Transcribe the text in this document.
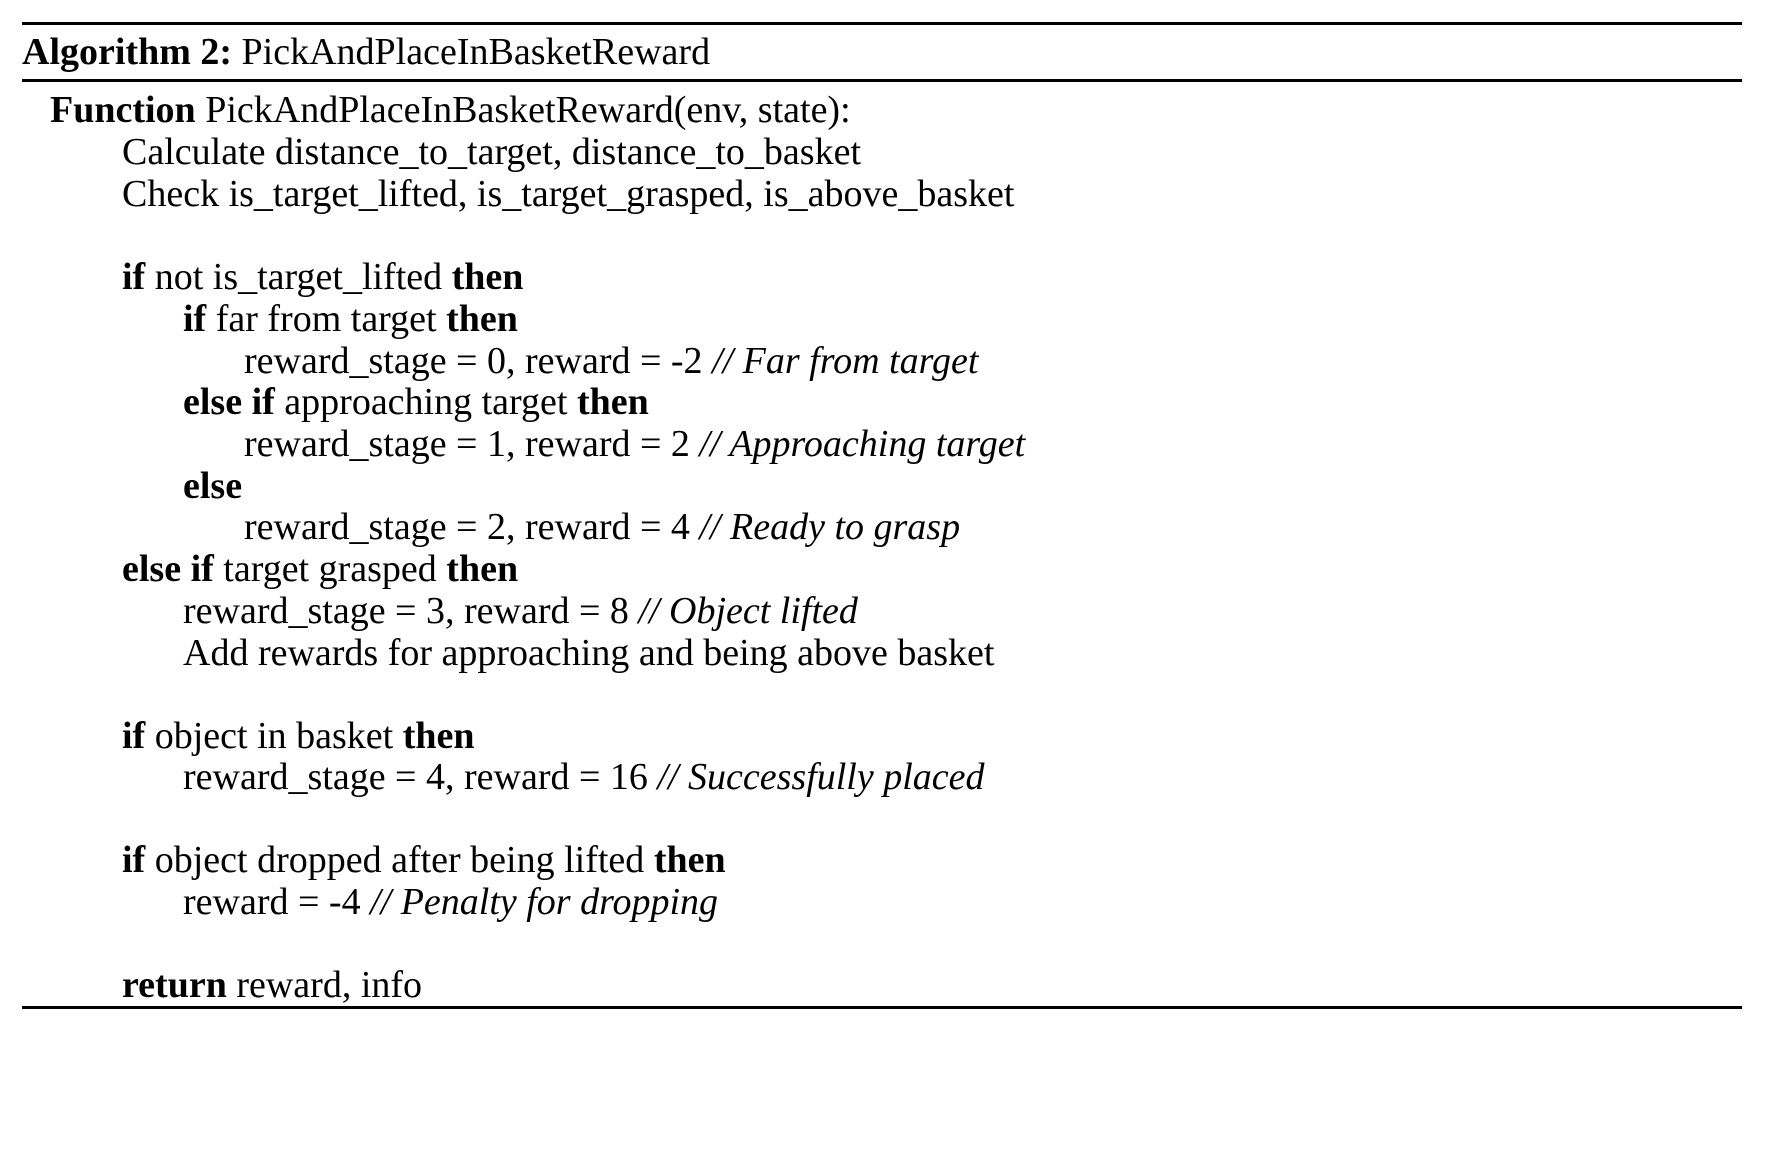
Algorithm 2: PickAndPlaceInBasketReward
Function PickAndPlaceInBasketReward(env, state):
Calculate distance_to_target, distance_to_basket
Check is_target_lifted, is_target_grasped, is_above_basket
if not is_target_lifted then
if far from target then
reward_stage = 0, reward = -2 // Far from target
else if approaching target then
reward_stage = 1, reward = 2 // Approaching target
else
reward_stage = 2, reward = 4 // Ready to grasp
else if target grasped then
reward_stage = 3, reward = 8 // Object lifted
Add rewards for approaching and being above basket
if object in basket then
reward_stage = 4, reward = 16 // Successfully placed
if object dropped after being lifted then
reward = -4 // Penalty for dropping
return reward, info
